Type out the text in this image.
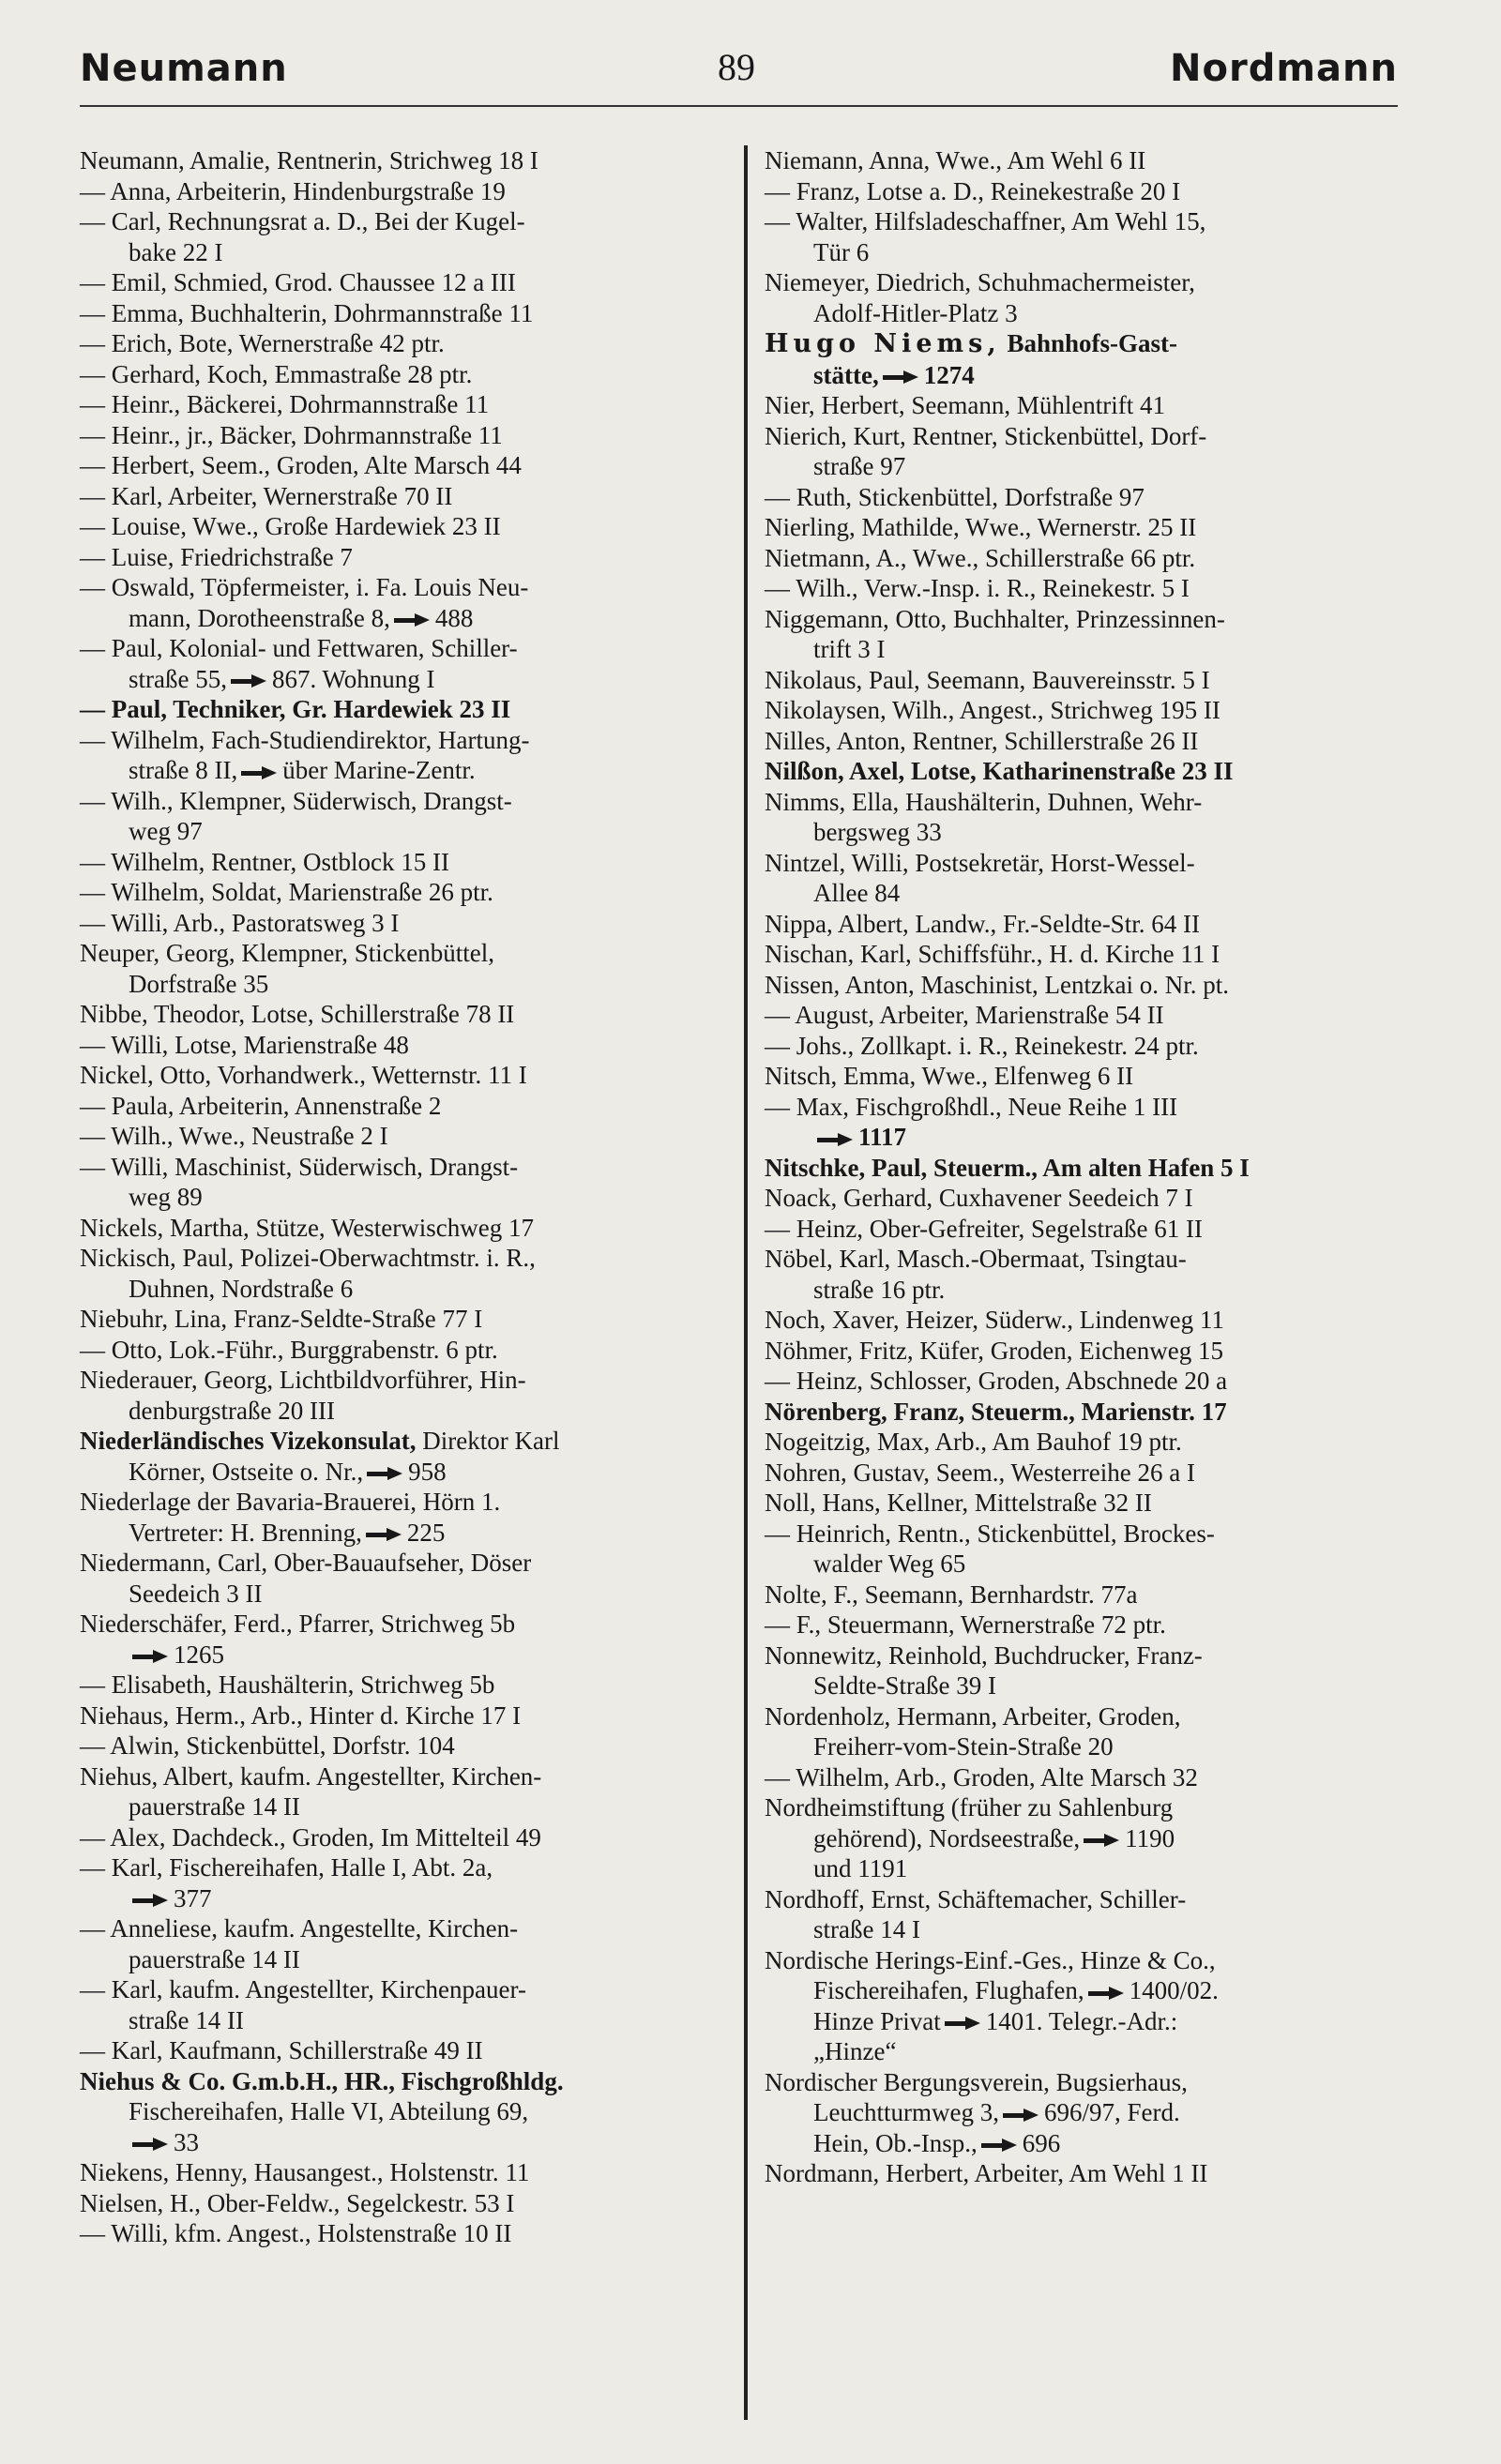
Neumann	89	Nordmann

Neumann, Amalie, Rentnerin, Strichweg 18 I

— Anna, Arbeiterin, Hindenburgstraße 19

— Carl, Rechnungsrat a. D., Bei der Kugel-
bake 22 I

— Emil, Schmied, Grod. Chaussee 12 a III

— Emma, Buchhalterin, Dohrmannstraße 11

— Erich, Bote, Wernerstraße 42 ptr.

— Gerhard, Koch, Emmastraße 28 ptr.

— Heinr., Bäckerei, Dohrmannstraße 11

— Heinr., jr., Bäcker, Dohrmannstraße 11

— Herbert, Seem., Groden, Alte Marsch 44

— Karl, Arbeiter, Wernerstraße 70 II

— Louise, Wwe., Große Hardewiek 23 II

— Luise, Friedrichstraße 7

— Oswald, Töpfermeister, i. Fa. Louis Neu-
mann, Dorotheenstraße 8, 488

— Paul, Kolonial- und Fettwaren, Schiller-
straße 55, 867. Wohnung I

— Paul, Techniker, Gr. Hardewiek 23 II

— Wilhelm, Fach-Studiendirektor, Hartung-
straße 8 II, über Marine-Zentr.

— Wilh., Klempner, Süderwisch, Drangst-
weg 97

— Wilhelm, Rentner, Ostblock 15 II

— Wilhelm, Soldat, Marienstraße 26 ptr.

— Willi, Arb., Pastoratsweg 3 I

Neuper, Georg, Klempner, Stickenbüttel,
Dorfstraße 35

Nibbe, Theodor, Lotse, Schillerstraße 78 II

— Willi, Lotse, Marienstraße 48

Nickel, Otto, Vorhandwerk., Wetternstr. 11 I

— Paula, Arbeiterin, Annenstraße 2

— Wilh., Wwe., Neustraße 2 I

— Willi, Maschinist, Süderwisch, Drangst-
weg 89

Nickels, Martha, Stütze, Westerwischweg 17

Nickisch, Paul, Polizei-Oberwachtmstr. i. R.,
Duhnen, Nordstraße 6

Niebuhr, Lina, Franz-Seldte-Straße 77 I

— Otto, Lok.-Führ., Burggrabenstr. 6 ptr.

Niederauer, Georg, Lichtbildvorführer, Hin-
denburgstraße 20 III

Niederländisches Vizekonsulat, Direktor Karl
Körner, Ostseite o. Nr., 958

Niederlage der Bavaria-Brauerei, Hörn 1.
Vertreter: H. Brenning, 225

Niedermann, Carl, Ober-Bauaufseher, Döser
Seedeich 3 II

Niederschäfer, Ferd., Pfarrer, Strichweg 5b
1265

— Elisabeth, Haushälterin, Strichweg 5b

Niehaus, Herm., Arb., Hinter d. Kirche 17 I

— Alwin, Stickenbüttel, Dorfstr. 104

Niehus, Albert, kaufm. Angestellter, Kirchen-
pauerstraße 14 II

— Alex, Dachdeck., Groden, Im Mittelteil 49

— Karl, Fischereihafen, Halle I, Abt. 2a,
377

— Anneliese, kaufm. Angestellte, Kirchen-
pauerstraße 14 II

— Karl, kaufm. Angestellter, Kirchenpauer-
straße 14 II

— Karl, Kaufmann, Schillerstraße 49 II

Niehus & Co. G.m.b.H., HR., Fischgroßhldg.
Fischereihafen, Halle VI, Abteilung 69,
33

Niekens, Henny, Hausangest., Holstenstr. 11

Nielsen, H., Ober-Feldw., Segelckestr. 53 I

— Willi, kfm. Angest., Holstenstraße 10 II

Niemann, Anna, Wwe., Am Wehl 6 II

— Franz, Lotse a. D., Reinekestraße 20 I

— Walter, Hilfsladeschaffner, Am Wehl 15,
Tür 6

Niemeyer, Diedrich, Schuhmachermeister,
Adolf-Hitler-Platz 3

Hugo Niems, Bahnhofs-Gast-
stätte, 1274

Nier, Herbert, Seemann, Mühlentrift 41

Nierich, Kurt, Rentner, Stickenbüttel, Dorf-
straße 97

— Ruth, Stickenbüttel, Dorfstraße 97

Nierling, Mathilde, Wwe., Wernerstr. 25 II

Nietmann, A., Wwe., Schillerstraße 66 ptr.

— Wilh., Verw.-Insp. i. R., Reinekestr. 5 I

Niggemann, Otto, Buchhalter, Prinzessinnen-
trift 3 I

Nikolaus, Paul, Seemann, Bauvereinsstr. 5 I

Nikolaysen, Wilh., Angest., Strichweg 195 II

Nilles, Anton, Rentner, Schillerstraße 26 II

Nilßon, Axel, Lotse, Katharinenstraße 23 II

Nimms, Ella, Haushälterin, Duhnen, Wehr-
bergsweg 33

Nintzel, Willi, Postsekretär, Horst-Wessel-
Allee 84

Nippa, Albert, Landw., Fr.-Seldte-Str. 64 II

Nischan, Karl, Schiffsführ., H. d. Kirche 11 I

Nissen, Anton, Maschinist, Lentzkai o. Nr. pt.

— August, Arbeiter, Marienstraße 54 II

— Johs., Zollkapt. i. R., Reinekestr. 24 ptr.

Nitsch, Emma, Wwe., Elfenweg 6 II

— Max, Fischgroßhdl., Neue Reihe 1 III
1117

Nitschke, Paul, Steuerm., Am alten Hafen 5 I

Noack, Gerhard, Cuxhavener Seedeich 7 I

— Heinz, Ober-Gefreiter, Segelstraße 61 II

Nöbel, Karl, Masch.-Obermaat, Tsingtau-
straße 16 ptr.

Noch, Xaver, Heizer, Süderw., Lindenweg 11

Nöhmer, Fritz, Küfer, Groden, Eichenweg 15

— Heinz, Schlosser, Groden, Abschnede 20 a

Nörenberg, Franz, Steuerm., Marienstr. 17

Nogeitzig, Max, Arb., Am Bauhof 19 ptr.

Nohren, Gustav, Seem., Westerreihe 26 a I

Noll, Hans, Kellner, Mittelstraße 32 II

— Heinrich, Rentn., Stickenbüttel, Brockes-
walder Weg 65

Nolte, F., Seemann, Bernhardstr. 77a

— F., Steuermann, Wernerstraße 72 ptr.

Nonnewitz, Reinhold, Buchdrucker, Franz-
Seldte-Straße 39 I

Nordenholz, Hermann, Arbeiter, Groden,
Freiherr-vom-Stein-Straße 20

— Wilhelm, Arb., Groden, Alte Marsch 32

Nordheimstiftung (früher zu Sahlenburg
gehörend), Nordseestraße, 1190
und 1191

Nordhoff, Ernst, Schäftemacher, Schiller-
straße 14 I

Nordische Herings-Einf.-Ges., Hinze & Co.,
Fischereihafen, Flughafen, 1400/02.
Hinze Privat 1401. Telegr.-Adr.:
„Hinze“

Nordischer Bergungsverein, Bugsierhaus,
Leuchtturmweg 3, 696/97, Ferd.
Hein, Ob.-Insp., 696

Nordmann, Herbert, Arbeiter, Am Wehl 1 II
